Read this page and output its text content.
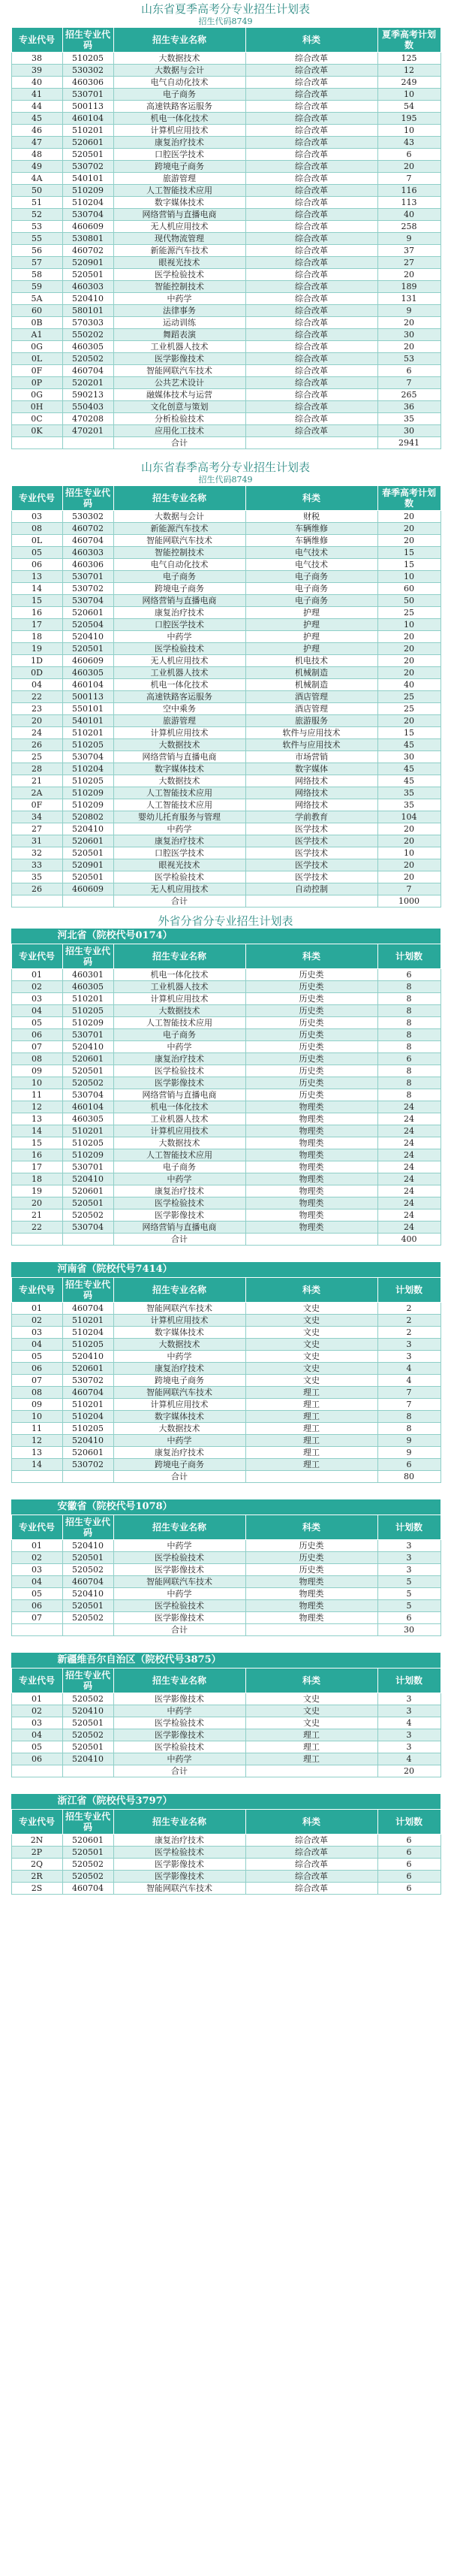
山东省夏季高考分专业招生计划表
招生代码8749
专业代号	招生专业代码	招生专业名称	科类	夏季高考计划数
38	510205	大数据技术	综合改革	125
39	530302	大数据与会计	综合改革	12
40	460306	电气自动化技术	综合改革	249
41	530701	电子商务	综合改革	10
44	500113	高速铁路客运服务	综合改革	54
45	460104	机电一体化技术	综合改革	195
46	510201	计算机应用技术	综合改革	10
47	520601	康复治疗技术	综合改革	43
48	520501	口腔医学技术	综合改革	6
49	530702	跨境电子商务	综合改革	20
4A	540101	旅游管理	综合改革	7
50	510209	人工智能技术应用	综合改革	116
51	510204	数字媒体技术	综合改革	113
52	530704	网络营销与直播电商	综合改革	40
53	460609	无人机应用技术	综合改革	258
55	530801	现代物流管理	综合改革	9
56	460702	新能源汽车技术	综合改革	37
57	520901	眼视光技术	综合改革	27
58	520501	医学检验技术	综合改革	20
59	460303	智能控制技术	综合改革	189
5A	520410	中药学	综合改革	131
60	580101	法律事务	综合改革	9
0B	570303	运动训练	综合改革	20
A1	550202	舞蹈表演	综合改革	30
0G	460305	工业机器人技术	综合改革	20
0L	520502	医学影像技术	综合改革	53
0F	460704	智能网联汽车技术	综合改革	6
0P	520201	公共艺术设计	综合改革	7
0G	590213	融媒体技术与运营	综合改革	265
0H	550403	文化创意与策划	综合改革	36
0C	470208	分析检验技术	综合改革	35
0K	470201	应用化工技术	综合改革	30
		合计		2941
山东省春季高考分专业招生计划表
招生代码8749
专业代号	招生专业代码	招生专业名称	科类	春季高考计划数
03	530302	大数据与会计	财税	20
08	460702	新能源汽车技术	车辆维修	20
0L	460704	智能网联汽车技术	车辆维修	20
05	460303	智能控制技术	电气技术	15
06	460306	电气自动化技术	电气技术	15
13	530701	电子商务	电子商务	10
14	530702	跨境电子商务	电子商务	60
15	530704	网络营销与直播电商	电子商务	50
16	520601	康复治疗技术	护理	25
17	520504	口腔医学技术	护理	10
18	520410	中药学	护理	20
19	520501	医学检验技术	护理	20
1D	460609	无人机应用技术	机电技术	20
0D	460305	工业机器人技术	机械制造	20
04	460104	机电一体化技术	机械制造	40
22	500113	高速铁路客运服务	酒店管理	25
23	550101	空中乘务	酒店管理	25
20	540101	旅游管理	旅游服务	20
24	510201	计算机应用技术	软件与应用技术	15
26	510205	大数据技术	软件与应用技术	45
25	530704	网络营销与直播电商	市场营销	30
28	510204	数字媒体技术	数字媒体	45
21	510205	大数据技术	网络技术	45
2A	510209	人工智能技术应用	网络技术	35
0F	510209	人工智能技术应用	网络技术	35
34	520802	婴幼儿托育服务与管理	学前教育	104
27	520410	中药学	医学技术	20
31	520601	康复治疗技术	医学技术	20
32	520501	口腔医学技术	医学技术	10
33	520901	眼视光技术	医学技术	20
35	520501	医学检验技术	医学技术	20
26	460609	无人机应用技术	自动控制	7
		合计		1000
外省分省分专业招生计划表
河北省（院校代号0174）
专业代号	招生专业代码	招生专业名称	科类	计划数
01	460301	机电一体化技术	历史类	6
02	460305	工业机器人技术	历史类	8
03	510201	计算机应用技术	历史类	8
04	510205	大数据技术	历史类	8
05	510209	人工智能技术应用	历史类	8
06	530701	电子商务	历史类	8
07	520410	中药学	历史类	8
08	520601	康复治疗技术	历史类	6
09	520501	医学检验技术	历史类	8
10	520502	医学影像技术	历史类	8
11	530704	网络营销与直播电商	历史类	8
12	460104	机电一体化技术	物理类	24
13	460305	工业机器人技术	物理类	24
14	510201	计算机应用技术	物理类	24
15	510205	大数据技术	物理类	24
16	510209	人工智能技术应用	物理类	24
17	530701	电子商务	物理类	24
18	520410	中药学	物理类	24
19	520601	康复治疗技术	物理类	24
20	520501	医学检验技术	物理类	24
21	520502	医学影像技术	物理类	24
22	530704	网络营销与直播电商	物理类	24
		合计		400
河南省（院校代号7414）
专业代号	招生专业代码	招生专业名称	科类	计划数
01	460704	智能网联汽车技术	文史	2
02	510201	计算机应用技术	文史	2
03	510204	数字媒体技术	文史	2
04	510205	大数据技术	文史	3
05	520410	中药学	文史	3
06	520601	康复治疗技术	文史	4
07	530702	跨境电子商务	文史	4
08	460704	智能网联汽车技术	理工	7
09	510201	计算机应用技术	理工	7
10	510204	数字媒体技术	理工	8
11	510205	大数据技术	理工	8
12	520410	中药学	理工	9
13	520601	康复治疗技术	理工	9
14	530702	跨境电子商务	理工	6
		合计		80
安徽省（院校代号1078）
专业代号	招生专业代码	招生专业名称	科类	计划数
01	520410	中药学	历史类	3
02	520501	医学检验技术	历史类	3
03	520502	医学影像技术	历史类	3
04	460704	智能网联汽车技术	物理类	5
05	520410	中药学	物理类	5
06	520501	医学检验技术	物理类	5
07	520502	医学影像技术	物理类	6
		合计		30
新疆维吾尔自治区（院校代号3875）
专业代号	招生专业代码	招生专业名称	科类	计划数
01	520502	医学影像技术	文史	3
02	520410	中药学	文史	3
03	520501	医学检验技术	文史	4
04	520502	医学影像技术	理工	3
05	520501	医学检验技术	理工	3
06	520410	中药学	理工	4
		合计		20
浙江省（院校代号3797）
专业代号	招生专业代码	招生专业名称	科类	计划数
2N	520601	康复治疗技术	综合改革	6
2P	520501	医学检验技术	综合改革	6
2Q	520502	医学影像技术	综合改革	6
2R	520502	医学影像技术	综合改革	6
2S	460704	智能网联汽车技术	综合改革	6
